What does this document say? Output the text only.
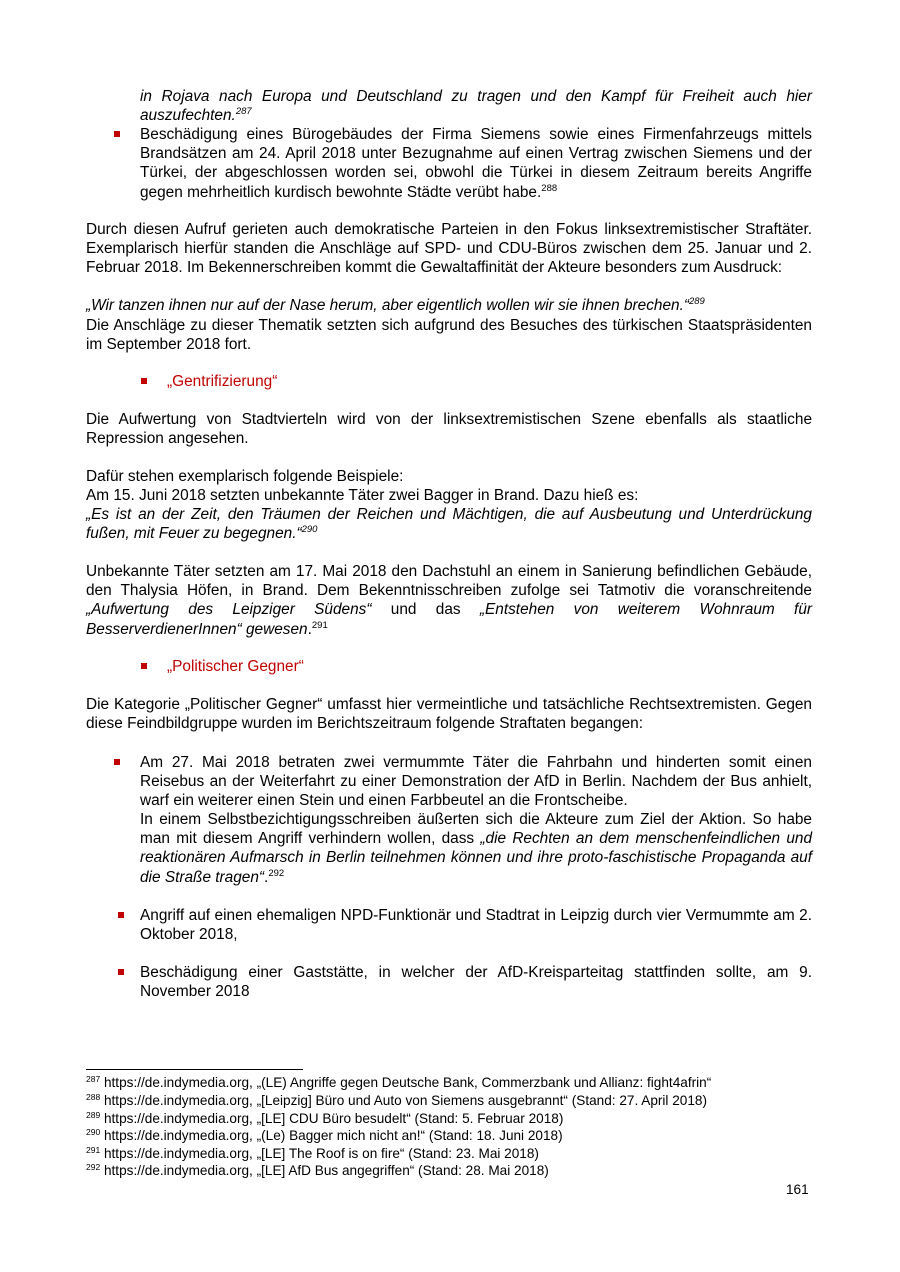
in Rojava nach Europa und Deutschland zu tragen und den Kampf für Freiheit auch hier auszufechten.$^{287}$

Beschädigung eines Bürogebäudes der Firma Siemens sowie eines Firmenfahrzeugs mittels Brandsätzen am 24. April 2018 unter Bezugnahme auf einen Vertrag zwischen Siemens und der Türkei, der abgeschlossen worden sei, obwohl die Türkei in diesem Zeitraum bereits Angriffe gegen mehrheitlich kurdisch bewohnte Städte verübt habe.$^{288}$

Durch diesen Aufruf gerieten auch demokratische Parteien in den Fokus linksextremistischer Straftäter. Exemplarisch hierfür standen die Anschläge auf SPD- und CDU-Büros zwischen dem 25. Januar und 2. Februar 2018. Im Bekennerschreiben kommt die Gewaltaffinität der Akteure besonders zum Ausdruck:

„Wir tanzen ihnen nur auf der Nase herum, aber eigentlich wollen wir sie ihnen brechen.“$^{289}$

Die Anschläge zu dieser Thematik setzten sich aufgrund des Besuches des türkischen Staatspräsidenten im September 2018 fort.

„Gentrifizierung“

Die Aufwertung von Stadtvierteln wird von der linksextremistischen Szene ebenfalls als staatliche Repression angesehen.

Dafür stehen exemplarisch folgende Beispiele:

Am 15. Juni 2018 setzten unbekannte Täter zwei Bagger in Brand. Dazu hieß es:

„Es ist an der Zeit, den Träumen der Reichen und Mächtigen, die auf Ausbeutung und Unterdrückung fußen, mit Feuer zu begegnen.“$^{290}$

Unbekannte Täter setzten am 17. Mai 2018 den Dachstuhl an einem in Sanierung befindlichen Gebäude, den Thalysia Höfen, in Brand. Dem Bekenntnisschreiben zufolge sei Tatmotiv die voranschreitende „Aufwertung des Leipziger Südens“ und das „Entstehen von weiterem Wohnraum für BesserverdienerInnen“ gewesen.$^{291}$

„Politischer Gegner“

Die Kategorie „Politischer Gegner“ umfasst hier vermeintliche und tatsächliche Rechtsextremisten. Gegen diese Feindbildgruppe wurden im Berichtszeitraum folgende Straftaten begangen:

Am 27. Mai 2018 betraten zwei vermummte Täter die Fahrbahn und hinderten somit einen Reisebus an der Weiterfahrt zu einer Demonstration der AfD in Berlin. Nachdem der Bus anhielt, warf ein weiterer einen Stein und einen Farbbeutel an die Frontscheibe.

In einem Selbstbezichtigungsschreiben äußerten sich die Akteure zum Ziel der Aktion. So habe man mit diesem Angriff verhindern wollen, dass „die Rechten an dem menschenfeindlichen und reaktionären Aufmarsch in Berlin teilnehmen können und ihre proto-faschistische Propaganda auf die Straße tragen“.$^{292}$

Angriff auf einen ehemaligen NPD-Funktionär und Stadtrat in Leipzig durch vier Vermummte am 2. Oktober 2018,

Beschädigung einer Gaststätte, in welcher der AfD-Kreisparteitag stattfinden sollte, am 9. November 2018

$^{287}$ https://de.indymedia.org, „(LE) Angriffe gegen Deutsche Bank, Commerzbank und Allianz: fight4afrin“
$^{288}$ https://de.indymedia.org, „[Leipzig] Büro und Auto von Siemens ausgebrannt“ (Stand: 27. April 2018)
$^{289}$ https://de.indymedia.org, „[LE] CDU Büro besudelt“ (Stand: 5. Februar 2018)
$^{290}$ https://de.indymedia.org, „(Le) Bagger mich nicht an!“ (Stand: 18. Juni 2018)
$^{291}$ https://de.indymedia.org, „[LE] The Roof is on fire“ (Stand: 23. Mai 2018)
$^{292}$ https://de.indymedia.org, „[LE] AfD Bus angegriffen“ (Stand: 28. Mai 2018)
161
